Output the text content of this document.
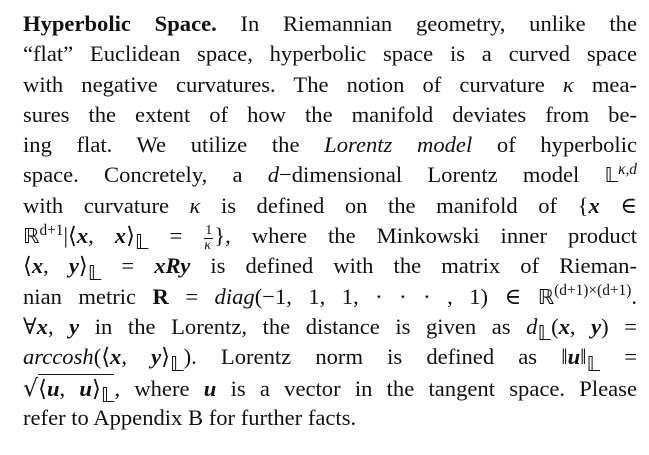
Hyperbolic Space. In Riemannian geometry, unlike the
“flat” Euclidean space, hyperbolic space is a curved space
with negative curvatures. The notion of curvature κ mea-
sures the extent of how the manifold deviates from be-
ing flat. We utilize the Lorentz model of hyperbolic
space. Concretely, a d−dimensional Lorentz model 𝕃$^{\kappa,d}$
with curvature κ is defined on the manifold of {x ∈
ℝ$^{d+1}$|⟨x, $x⟩_𝕃 = \frac{1}{\kappa}$ }, where the Minkowski inner product
⟨x, $y⟩_𝕃$ = xRy is defined with the matrix of Rieman-
nian metric R = diag(−1, 1, 1, · · · , 1) ∈ ℝ$^{(d+1)\times(d+1)}$.
∀x, y in the Lorentz, the distance is given as $d_𝕃(x$, y) =
arccosh(⟨x, $y⟩_𝕃$). Lorentz norm is defined as $‖u‖_𝕃$ =
√⟨u, $u⟩_𝕃$, where u is a vector in the tangent space. Please
refer to Appendix B for further facts.
